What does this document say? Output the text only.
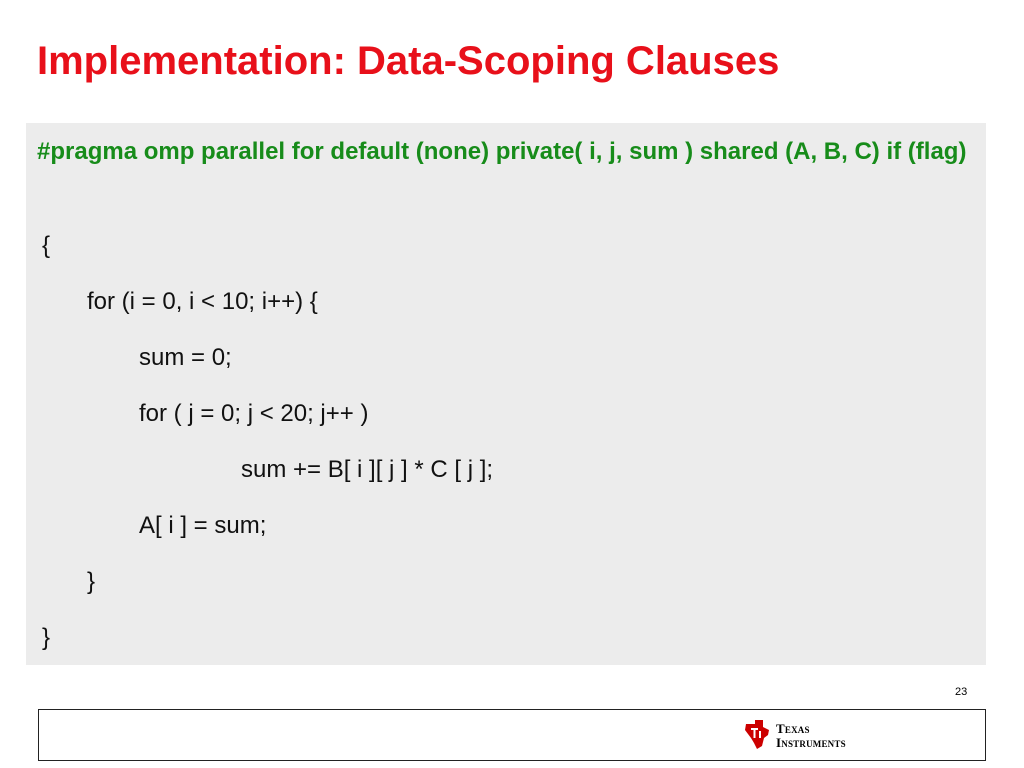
Implementation: Data-Scoping Clauses

#pragma omp parallel for default (none) private( i, j, sum ) shared (A, B, C) if (flag)

{

for (i = 0, i < 10; i++) {

sum = 0;

for ( j = 0; j < 20; j++ )

sum += B[ i ][ j ] * C [ j ];

A[ i ] = sum;

}

}

23
Texas
Instruments
